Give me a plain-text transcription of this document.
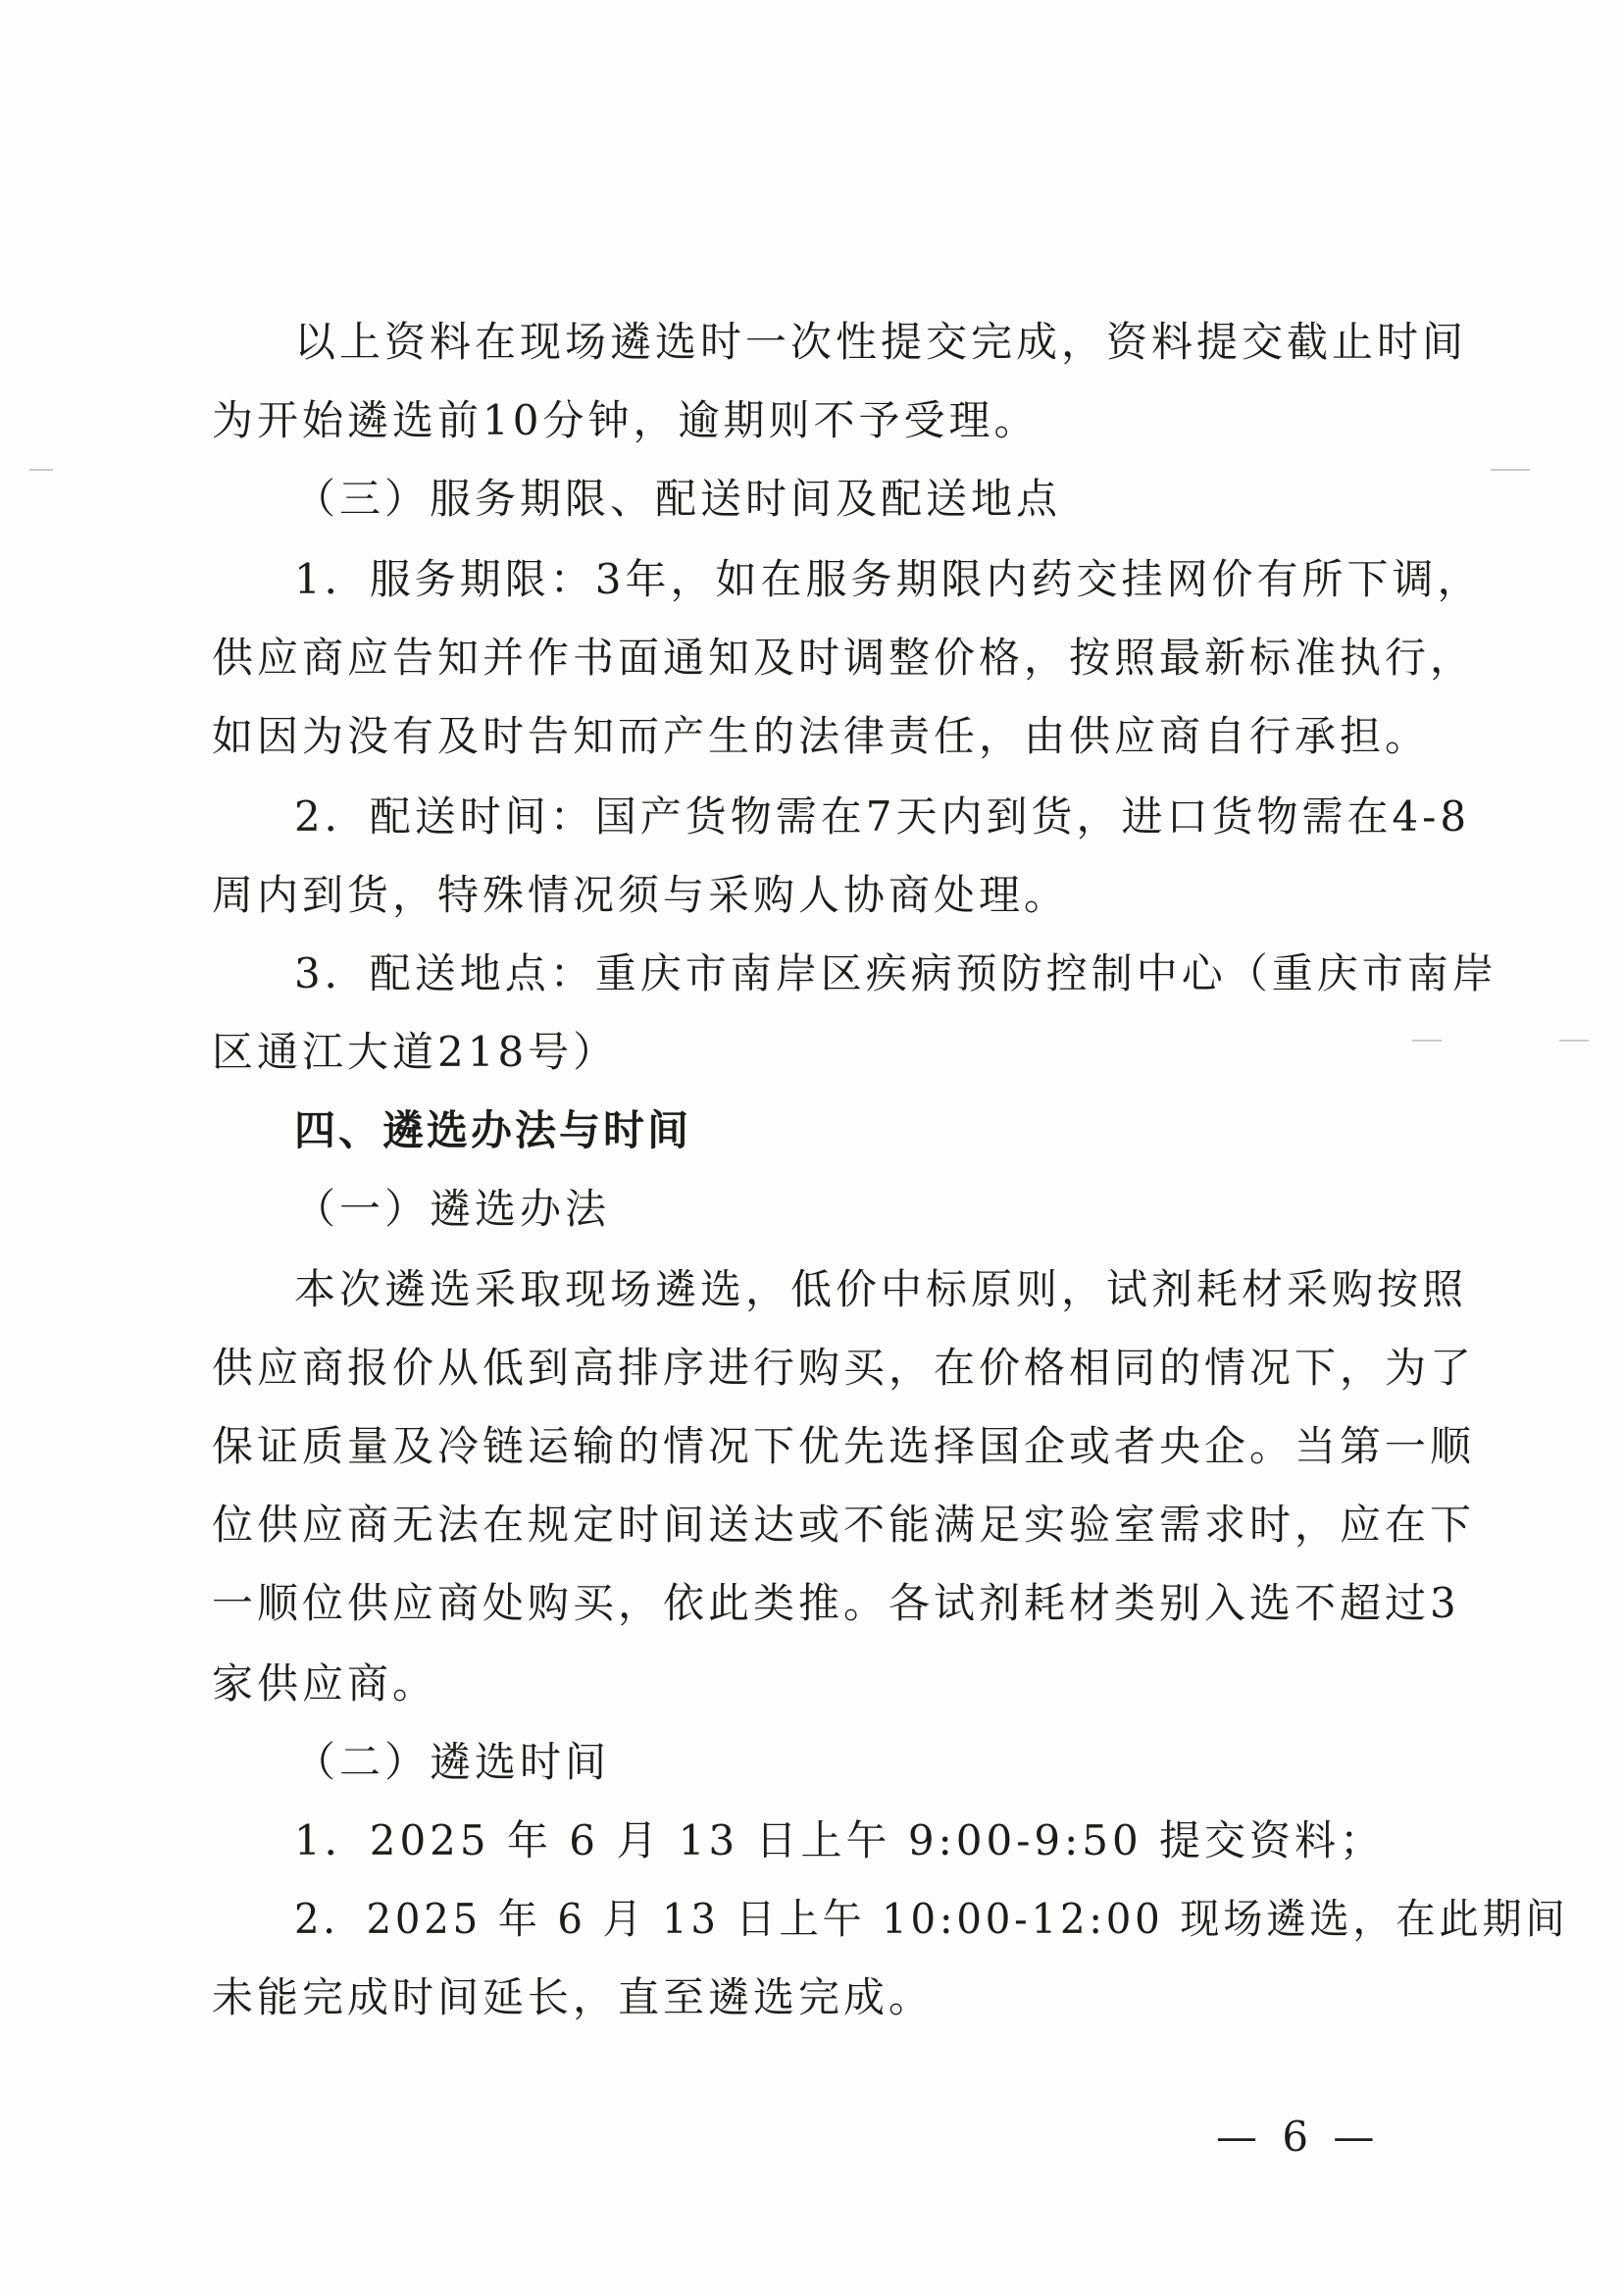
以上资料在现场遴选时一次性提交完成，资料提交截止时间
为开始遴选前10分钟，逾期则不予受理。
（三）服务期限、配送时间及配送地点
1．服务期限：3年，如在服务期限内药交挂网价有所下调，
供应商应告知并作书面通知及时调整价格，按照最新标准执行，
如因为没有及时告知而产生的法律责任，由供应商自行承担。
2．配送时间：国产货物需在7天内到货，进口货物需在4-8
周内到货，特殊情况须与采购人协商处理。
3．配送地点：重庆市南岸区疾病预防控制中心（重庆市南岸
区通江大道218号）
四、遴选办法与时间
（一）遴选办法
本次遴选采取现场遴选，低价中标原则，试剂耗材采购按照
供应商报价从低到高排序进行购买，在价格相同的情况下，为了
保证质量及冷链运输的情况下优先选择国企或者央企。当第一顺
位供应商无法在规定时间送达或不能满足实验室需求时，应在下
一顺位供应商处购买，依此类推。各试剂耗材类别入选不超过3
家供应商。
（二）遴选时间
1．2025 年 6 月 13 日上午 9:00-9:50 提交资料；
2．2025 年 6 月 13 日上午 10:00-12:00 现场遴选，在此期间
未能完成时间延长，直至遴选完成。
— 6 —
